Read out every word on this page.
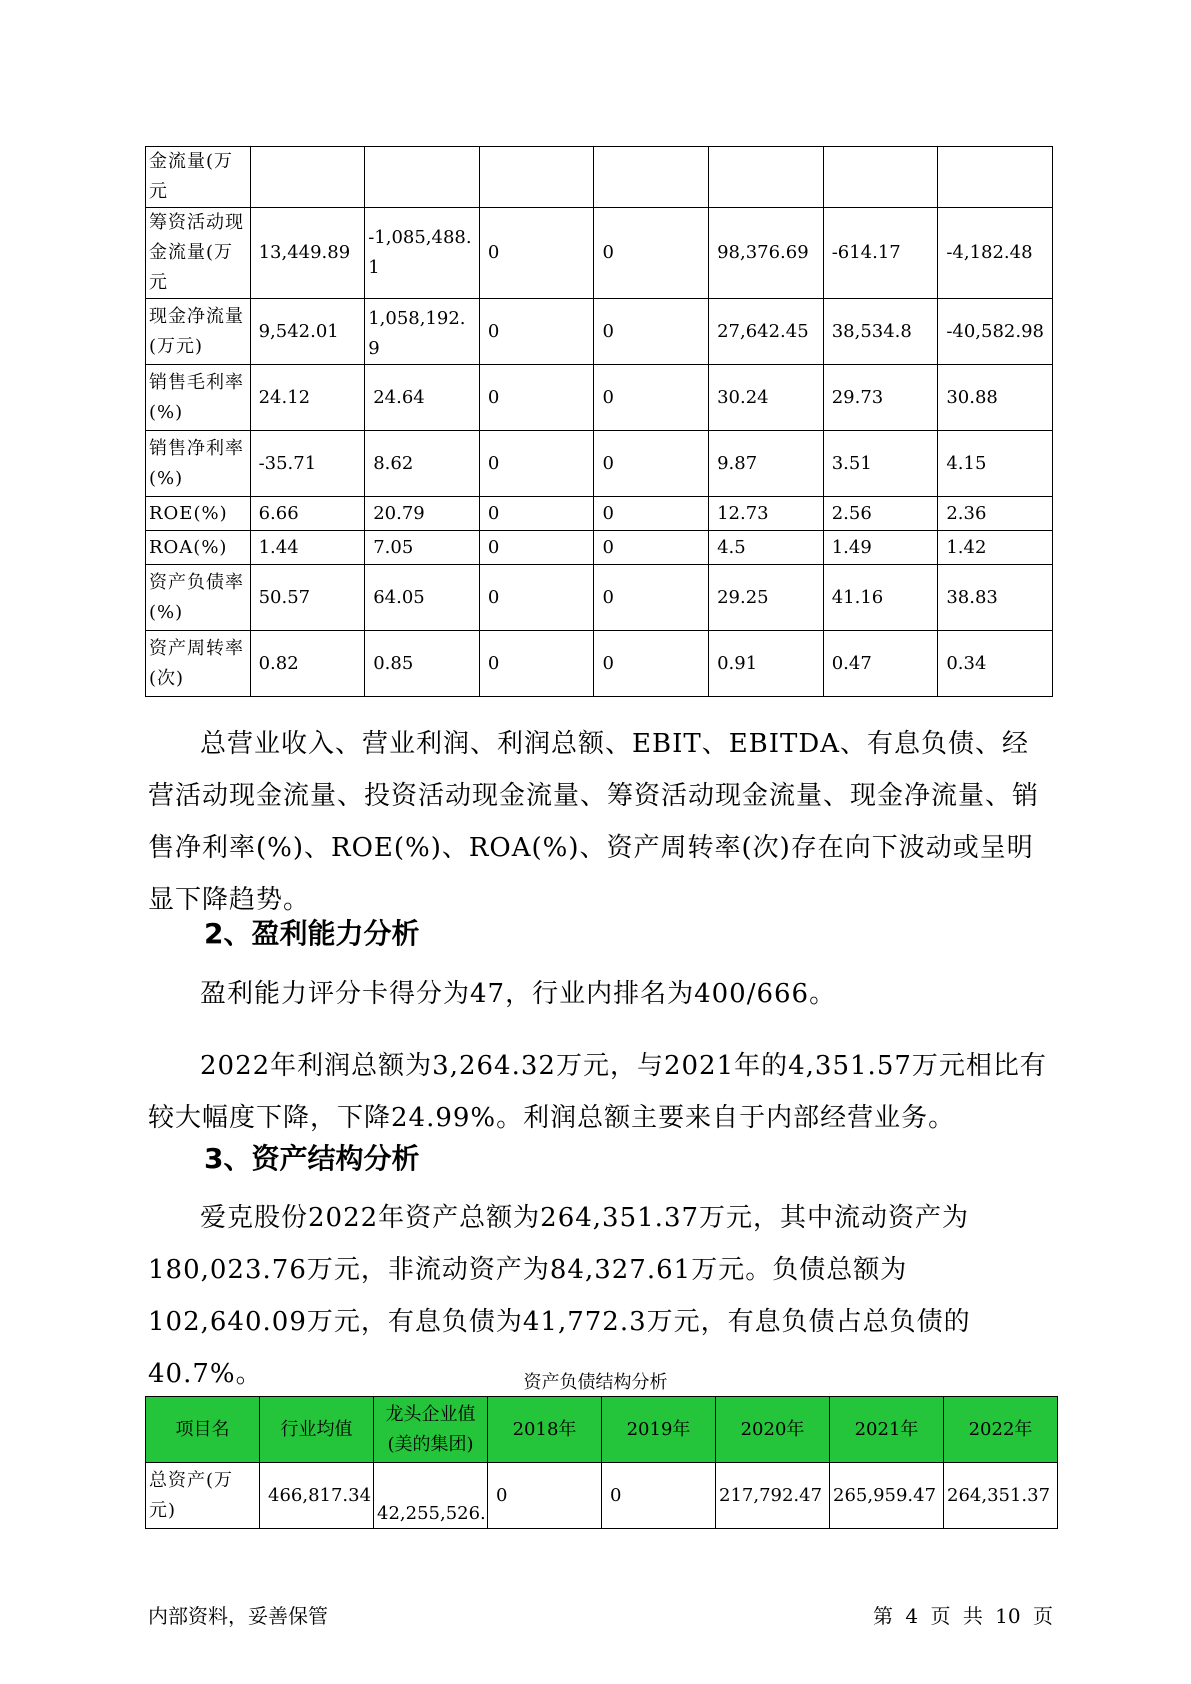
金流量(万元							
筹资活动现金流量(万元	13,449.89	-1,085,488.1	0	0	98,376.69	-614.17	-4,182.48
现金净流量(万元)	9,542.01	1,058,192.9	0	0	27,642.45	38,534.8	-40,582.98
销售毛利率(%)	24.12	24.64	0	0	30.24	29.73	30.88
销售净利率(%)	-35.71	8.62	0	0	9.87	3.51	4.15
ROE(%)	6.66	20.79	0	0	12.73	2.56	2.36
ROA(%)	1.44	7.05	0	0	4.5	1.49	1.42
资产负债率(%)	50.57	64.05	0	0	29.25	41.16	38.83
资产周转率(次)	0.82	0.85	0	0	0.91	0.47	0.34

总营业收入、营业利润、利润总额、EBIT、EBITDA、有息负债、经营活动现金流量、投资活动现金流量、筹资活动现金流量、现金净流量、销售净利率(%)、ROE(%)、ROA(%)、资产周转率(次)存在向下波动或呈明显下降趋势。

2、盈利能力分析

盈利能力评分卡得分为47，行业内排名为400/666。

2022年利润总额为3,264.32万元，与2021年的4,351.57万元相比有较大幅度下降，下降24.99%。利润总额主要来自于内部经营业务。

3、资产结构分析

爱克股份2022年资产总额为264,351.37万元，其中流动资产为180,023.76万元，非流动资产为84,327.61万元。负债总额为102,640.09万元，有息负债为41,772.3万元，有息负债占总负债的40.7%。	资产负债结构分析
项目名	行业均值	龙头企业值(美的集团)	2018年	2019年	2020年	2021年	2022年
总资产(万元)	466,817.34	42,255,526.	0	0	217,792.47	265,959.47	264,351.37
内部资料，妥善保管	第 4 页 共 10 页
